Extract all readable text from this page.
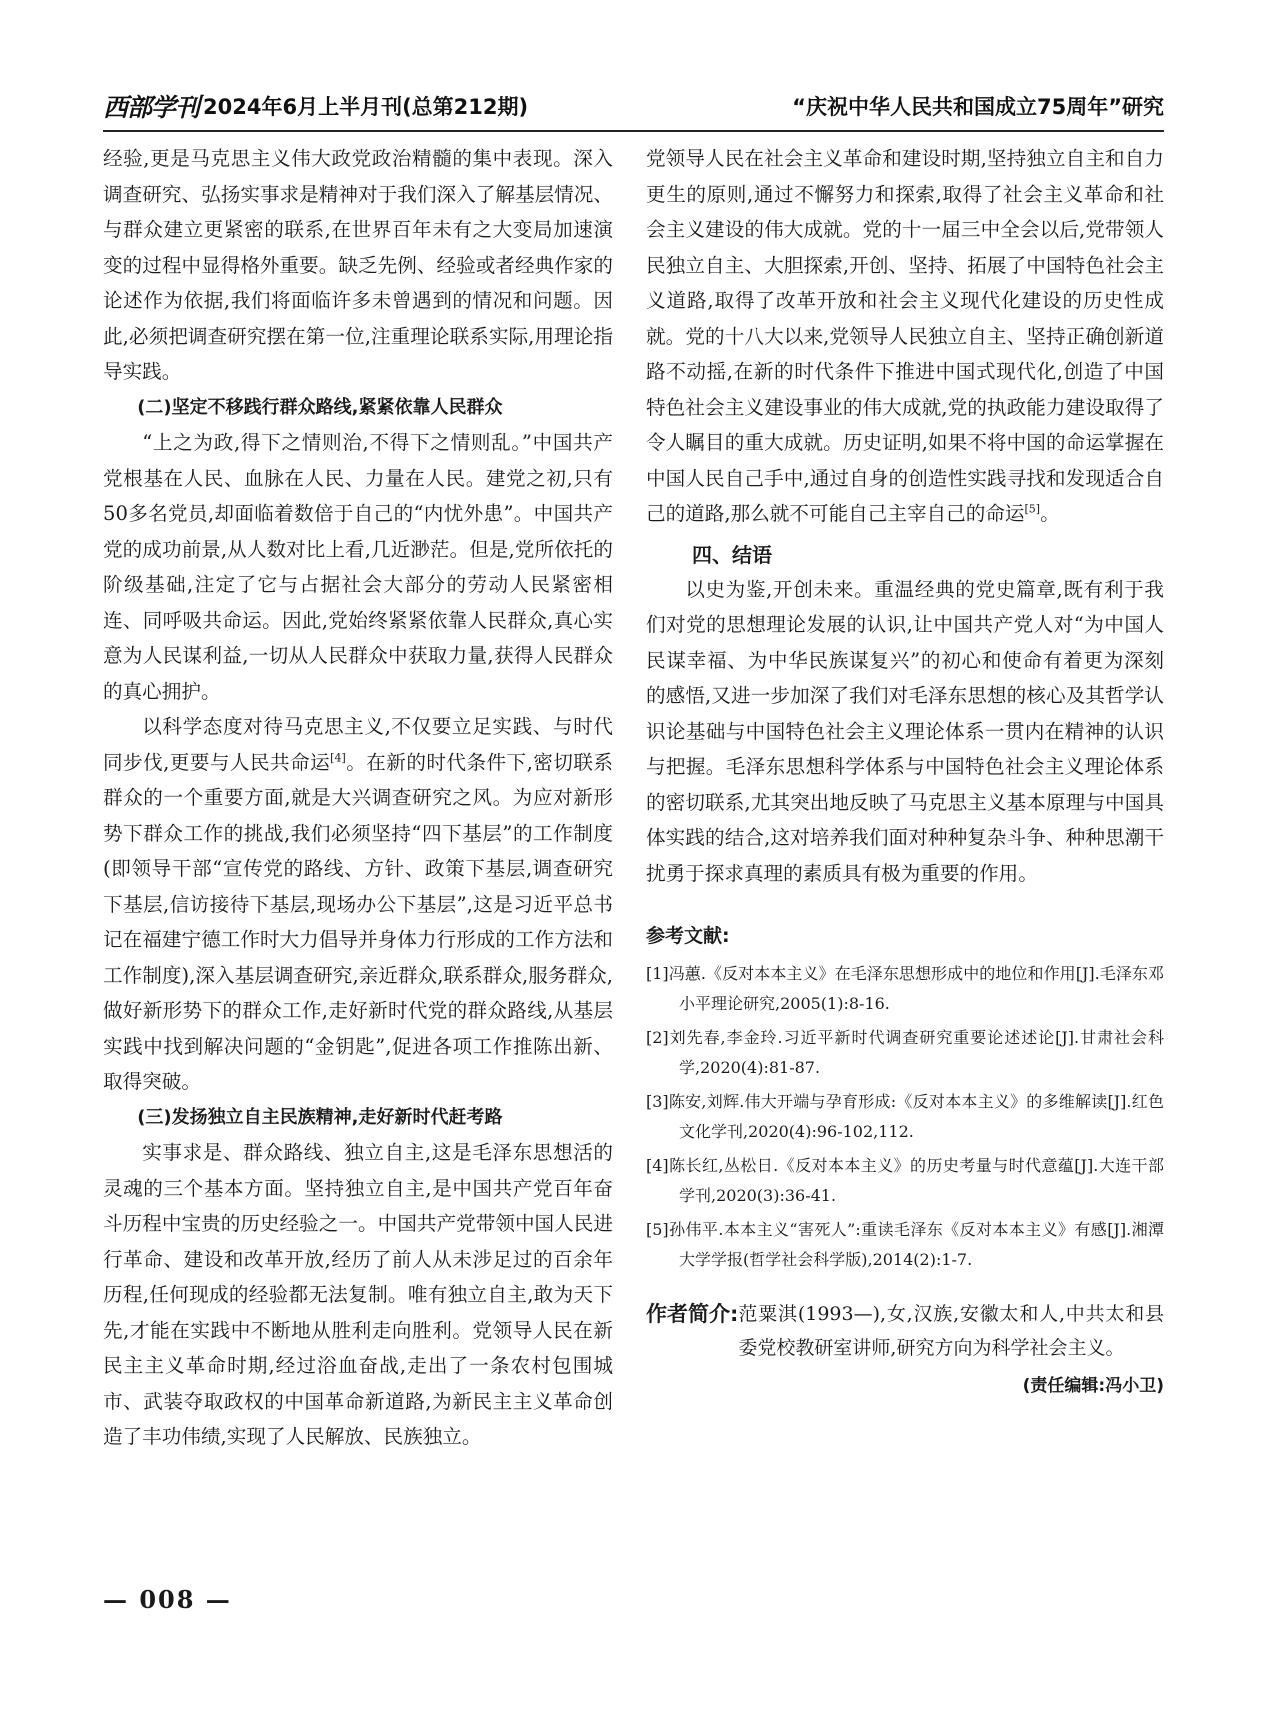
西部学刊 2024年6月上半月刊(总第212期)	“庆祝中华人民共和国成立75周年”研究

经验,更是马克思主义伟大政党政治精髓的集中表现。深入调查研究、弘扬实事求是精神对于我们深入了解基层情况、与群众建立更紧密的联系,在世界百年未有之大变局加速演变的过程中显得格外重要。缺乏先例、经验或者经典作家的论述作为依据,我们将面临许多未曾遇到的情况和问题。因此,必须把调查研究摆在第一位,注重理论联系实际,用理论指导实践。

(二)坚定不移践行群众路线,紧紧依靠人民群众

“上之为政,得下之情则治,不得下之情则乱。”中国共产党根基在人民、血脉在人民、力量在人民。建党之初,只有50多名党员,却面临着数倍于自己的“内忧外患”。中国共产党的成功前景,从人数对比上看,几近渺茫。但是,党所依托的阶级基础,注定了它与占据社会大部分的劳动人民紧密相连、同呼吸共命运。因此,党始终紧紧依靠人民群众,真心实意为人民谋利益,一切从人民群众中获取力量,获得人民群众的真心拥护。

以科学态度对待马克思主义,不仅要立足实践、与时代同步伐,更要与人民共命运[4]。在新的时代条件下,密切联系群众的一个重要方面,就是大兴调查研究之风。为应对新形势下群众工作的挑战,我们必须坚持“四下基层”的工作制度(即领导干部“宣传党的路线、方针、政策下基层,调查研究下基层,信访接待下基层,现场办公下基层”,这是习近平总书记在福建宁德工作时大力倡导并身体力行形成的工作方法和工作制度),深入基层调查研究,亲近群众,联系群众,服务群众,做好新形势下的群众工作,走好新时代党的群众路线,从基层实践中找到解决问题的“金钥匙”,促进各项工作推陈出新、取得突破。

(三)发扬独立自主民族精神,走好新时代赶考路

实事求是、群众路线、独立自主,这是毛泽东思想活的灵魂的三个基本方面。坚持独立自主,是中国共产党百年奋斗历程中宝贵的历史经验之一。中国共产党带领中国人民进行革命、建设和改革开放,经历了前人从未涉足过的百余年历程,任何现成的经验都无法复制。唯有独立自主,敢为天下先,才能在实践中不断地从胜利走向胜利。党领导人民在新民主主义革命时期,经过浴血奋战,走出了一条农村包围城市、武装夺取政权的中国革命新道路,为新民主主义革命创造了丰功伟绩,实现了人民解放、民族独立。

党领导人民在社会主义革命和建设时期,坚持独立自主和自力更生的原则,通过不懈努力和探索,取得了社会主义革命和社会主义建设的伟大成就。党的十一届三中全会以后,党带领人民独立自主、大胆探索,开创、坚持、拓展了中国特色社会主义道路,取得了改革开放和社会主义现代化建设的历史性成就。党的十八大以来,党领导人民独立自主、坚持正确创新道路不动摇,在新的时代条件下推进中国式现代化,创造了中国特色社会主义建设事业的伟大成就,党的执政能力建设取得了令人瞩目的重大成就。历史证明,如果不将中国的命运掌握在中国人民自己手中,通过自身的创造性实践寻找和发现适合自己的道路,那么就不可能自己主宰自己的命运[5]。

四、结语

以史为鉴,开创未来。重温经典的党史篇章,既有利于我们对党的思想理论发展的认识,让中国共产党人对“为中国人民谋幸福、为中华民族谋复兴”的初心和使命有着更为深刻的感悟,又进一步加深了我们对毛泽东思想的核心及其哲学认识论基础与中国特色社会主义理论体系一贯内在精神的认识与把握。毛泽东思想科学体系与中国特色社会主义理论体系的密切联系,尤其突出地反映了马克思主义基本原理与中国具体实践的结合,这对培养我们面对种种复杂斗争、种种思潮干扰勇于探求真理的素质具有极为重要的作用。

参考文献:
[1]冯蕙.《反对本本主义》在毛泽东思想形成中的地位和作用[J].毛泽东邓小平理论研究,2005(1):8-16.
[2]刘先春,李金玲.习近平新时代调查研究重要论述述论[J].甘肃社会科学,2020(4):81-87.
[3]陈安,刘辉.伟大开端与孕育形成:《反对本本主义》的多维解读[J].红色文化学刊,2020(4):96-102,112.
[4]陈长红,丛松日.《反对本本主义》的历史考量与时代意蕴[J].大连干部学刊,2020(3):36-41.
[5]孙伟平.本本主义“害死人”:重读毛泽东《反对本本主义》有感[J].湘潭大学学报(哲学社会科学版),2014(2):1-7.
作者简介: 范粟淇(1993—),女,汉族,安徽太和人,中共太和县委党校教研室讲师,研究方向为科学社会主义。
(责任编辑:冯小卫)
— 008 —
